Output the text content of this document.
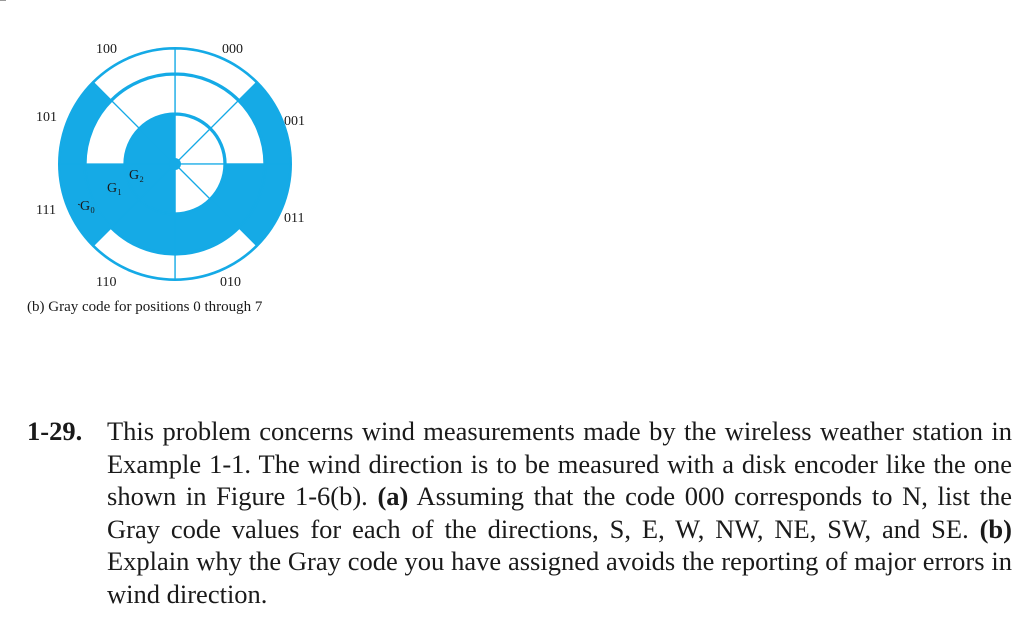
100	000
101	001
111
011
110	010
G₀
G₁
G₂
(b) Gray code for positions 0 through 7
1-29. This problem concerns wind measurements made by the wireless weather station in Example 1-1. The wind direction is to be measured with a disk encoder like the one shown in Figure 1-6(b). (a) Assuming that the code 000 corresponds to N, list the Gray code values for each of the directions, S, E, W, NW, NE, SW, and SE. (b) Explain why the Gray code you have assigned avoids the reporting of major errors in wind direction.
